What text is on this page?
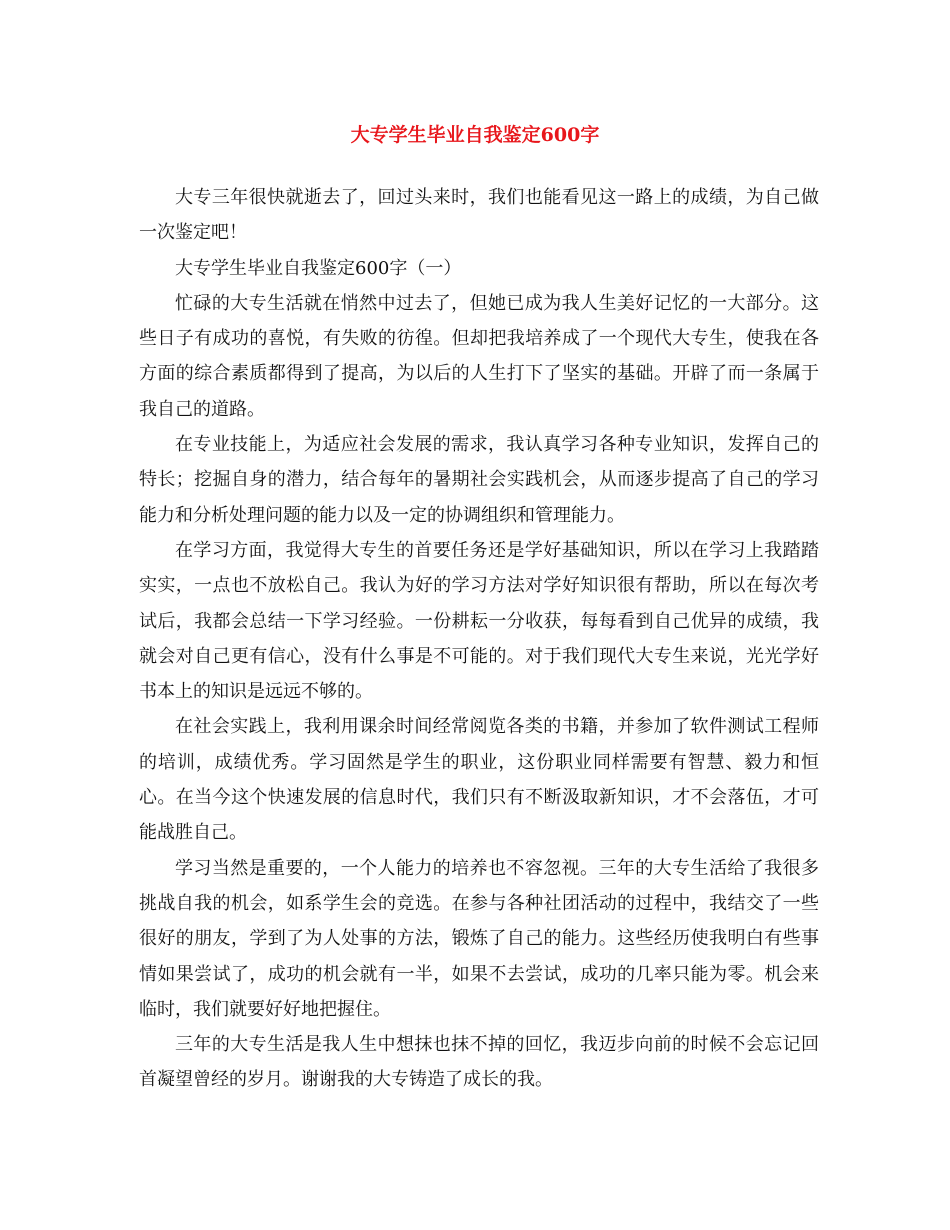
大专学生毕业自我鉴定600字

大专三年很快就逝去了，回过头来时，我们也能看见这一路上的成绩，为自己做一次鉴定吧！

大专学生毕业自我鉴定600字（一）

忙碌的大专生活就在悄然中过去了，但她已成为我人生美好记忆的一大部分。这些日子有成功的喜悦，有失败的彷徨。但却把我培养成了一个现代大专生，使我在各方面的综合素质都得到了提高，为以后的人生打下了坚实的基础。开辟了而一条属于我自己的道路。

在专业技能上，为适应社会发展的需求，我认真学习各种专业知识，发挥自己的特长；挖掘自身的潜力，结合每年的暑期社会实践机会，从而逐步提高了自己的学习能力和分析处理问题的能力以及一定的协调组织和管理能力。

在学习方面，我觉得大专生的首要任务还是学好基础知识，所以在学习上我踏踏实实，一点也不放松自己。我认为好的学习方法对学好知识很有帮助，所以在每次考试后，我都会总结一下学习经验。一份耕耘一分收获，每每看到自己优异的成绩，我就会对自己更有信心，没有什么事是不可能的。对于我们现代大专生来说，光光学好书本上的知识是远远不够的。

在社会实践上，我利用课余时间经常阅览各类的书籍，并参加了软件测试工程师的培训，成绩优秀。学习固然是学生的职业，这份职业同样需要有智慧、毅力和恒心。在当今这个快速发展的信息时代，我们只有不断汲取新知识，才不会落伍，才可能战胜自己。

学习当然是重要的，一个人能力的培养也不容忽视。三年的大专生活给了我很多挑战自我的机会，如系学生会的竞选。在参与各种社团活动的过程中，我结交了一些很好的朋友，学到了为人处事的方法，锻炼了自己的能力。这些经历使我明白有些事情如果尝试了，成功的机会就有一半，如果不去尝试，成功的几率只能为零。机会来临时，我们就要好好地把握住。

三年的大专生活是我人生中想抹也抹不掉的回忆，我迈步向前的时候不会忘记回首凝望曾经的岁月。谢谢我的大专铸造了成长的我。
